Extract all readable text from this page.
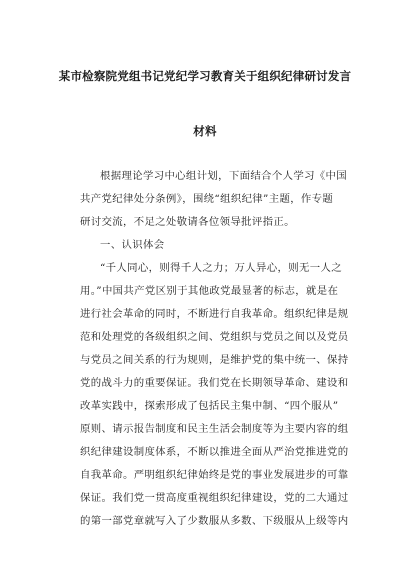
某市检察院党组书记党纪学习教育关于组织纪律研讨发言
材料
根据理论学习中心组计划，下面结合个人学习《中国
共产党纪律处分条例》，围绕“组织纪律”主题，作专题
研讨交流，不足之处敬请各位领导批评指正。
一、认识体会
“千人同心，则得千人之力；万人异心，则无一人之
用。”中国共产党区别于其他政党最显著的标志，就是在
进行社会革命的同时，不断进行自我革命。组织纪律是规
范和处理党的各级组织之间、党组织与党员之间以及党员
与党员之间关系的行为规则，是维护党的集中统一、保持
党的战斗力的重要保证。我们党在长期领导革命、建设和
改革实践中，探索形成了包括民主集中制、“四个服从”
原则、请示报告制度和民主生活会制度等为主要内容的组
织纪律建设制度体系，不断以推进全面从严治党推进党的
自我革命。严明组织纪律始终是党的事业发展进步的可靠
保证。我们党一贯高度重视组织纪律建设，党的二大通过
的第一部党章就写入了少数服从多数、下级服从上级等内
